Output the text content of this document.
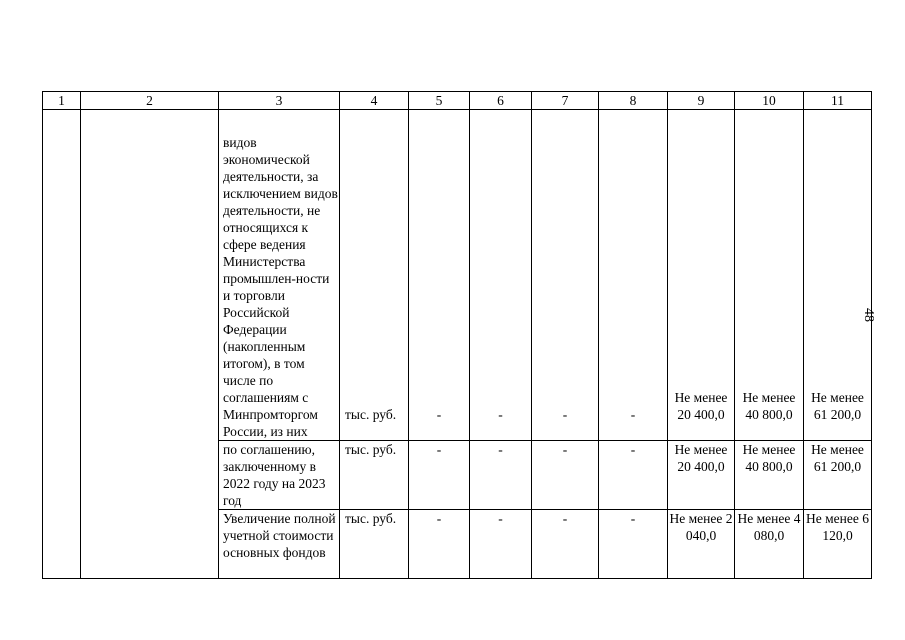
1	2	3	4	5	6	7	8	9	10	11
		видов экономической деятельности, за исключением видов деятельности, не относящихся к сфере ведения Министерства промышлен-ности и торговли Российской Федерации (накопленным итогом), в том числе по соглашениям с Минпромторгом России, из них	тыс. руб.	-	-	-	-	Не менее 20 400,0	Не менее 40 800,0	Не менее 61 200,0
		по соглашению, заключенному в 2022 году на 2023 год	тыс. руб.	-	-	-	-	Не менее 20 400,0	Не менее 40 800,0	Не менее 61 200,0
		Увеличение полной учетной стоимости основных фондов	тыс. руб.	-	-	-	-	Не менее 2 040,0	Не менее 4 080,0	Не менее 6 120,0
48
